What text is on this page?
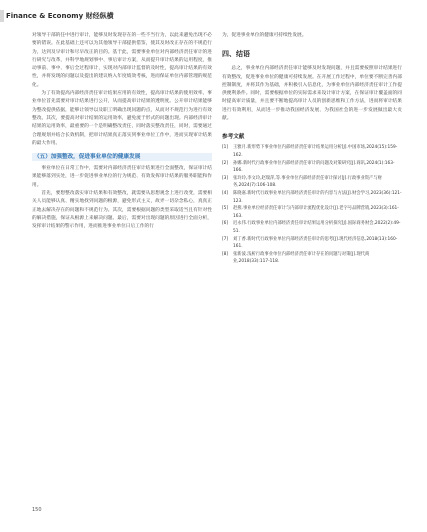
Finance & Economy 财经纵横

对领导干部的任中进行审计，能够及时发现存在的一些不当行为，以此来避免出现不必要的错误。在此基础上还可以为其他领导干部提供借鉴，使其及时改正存在的不规范行为，达到及早审计和尽早改正的目的。基于此，需要事业单位对内部经济责任审计的进行研究与改革，并科学地规划事中、事后审计方案，从而提升审计结果的运用程度，推动事前、事中、事后全过程审计，实现对内部审计监督的及时性，提高审计结果的有效性，并将发现的问题以及提出的建议纳入年度绩效考核，进而保证单位内部管理的规范化。

为了有效提高内部经济责任审计结果应用的有效性，提高审计结果的使用效率，事业单位首先需要对审计结果进行公开，从而提高审计结果的透明度。公开审计结果能够为整改提供依据，能够让领导以及职工明确出现问题的点，从而对不规范行为进行有效整改。其次，要提高对审计结果的运用效率，避免流于形式的问题出现。内部经济审计结果的运用效率，最重要的一个是明确整改责任，同时落实整改责任，同时，需要通过合理规划并结合长效机制，把审计结果真正落实到事业单位工作中，进而实现审计结果的最大作用。

（五）加强整改，促进事业单位的健康发展

事业单位在日常工作中，需要对内部经济责任审计结果进行全面整改，保证审计结果能够落到实处，进一步促进事业单位的行为规范、有效发挥审计结果的服务职能和作用。

首先，要想整改落实审计结果和有效整改，就需要从思想观念上进行改变，需要相关人员能够认真、精实地找到问题的根源，避免形式主义，故弄一切杂念私心，真真正正地去解决存在的问题和不规范行为。其次，需要根据问题的类型采取适当且有针对性的解决措施，保证从根源上来解决问题。最后，需要对出现问题的原因进行全面分析，发挥审计结果的警示作用，进而推进事业单位日后工作的行

为，促进事业单位的健康可持续性发展。

四、结语

总之，事业单位内部经济责任审计能够及时发现问题，并且需要按照审计结果进行有效整改，促进事业单位的健康可持续发展。在开展工作过程中，单位要不断完善内部控制制度，并将其作为基础，并积极引入信息化，为事业单位内部经济责任审计工作提供便利条件。同时，需要根据单位的实际需求来设计审计方案，在保证审计覆盖面的同时提高审计质量，并且要不断地提高审计人员的创新思维和工作方法，进而将审计结果进行有效利用，从而进一步推动我国经济发展、为我国社会的进一步发展做出最大贡献。

参考文献
[1]	王雅月.新形势下事业单位内部经济责任审计结果运用分析[J].中国市场,2024(15):159-162.
[2]	孙娜.新时代行政事业单位内部经济责任审计的问题及对策研究[J].商讯,2024(1):163-166.
[3]	张玲玲,李文玲,赵瑞萍,等.事业单位内部经济责任审计探讨[J].行政事业资产与财务,2024(7):106-108.
[4]	陈晓嘉.新时代行政事业单位内部经济责任审计的内容与方法[J].财会学习,2023(36):121-123.
[5]	赵燕.事业单位经济责任审计与内部审计流程优化设计[J].老字号品牌营销,2023(3):161-163.
[6]	迟永伟.行政事业单位内部经济责任审计结果运用分析探究[J].国际商务财会,2022(2):49-51.
[7]	刘丁香.新时代行政事业单位内部经济责任审计的思考[J].现代经济信息,2018(13):160-161.
[8]	张新波.浅析行政事业单位内部经济责任审计存在的问题与对策[J].现代商业,2018(33):117-118.
150
